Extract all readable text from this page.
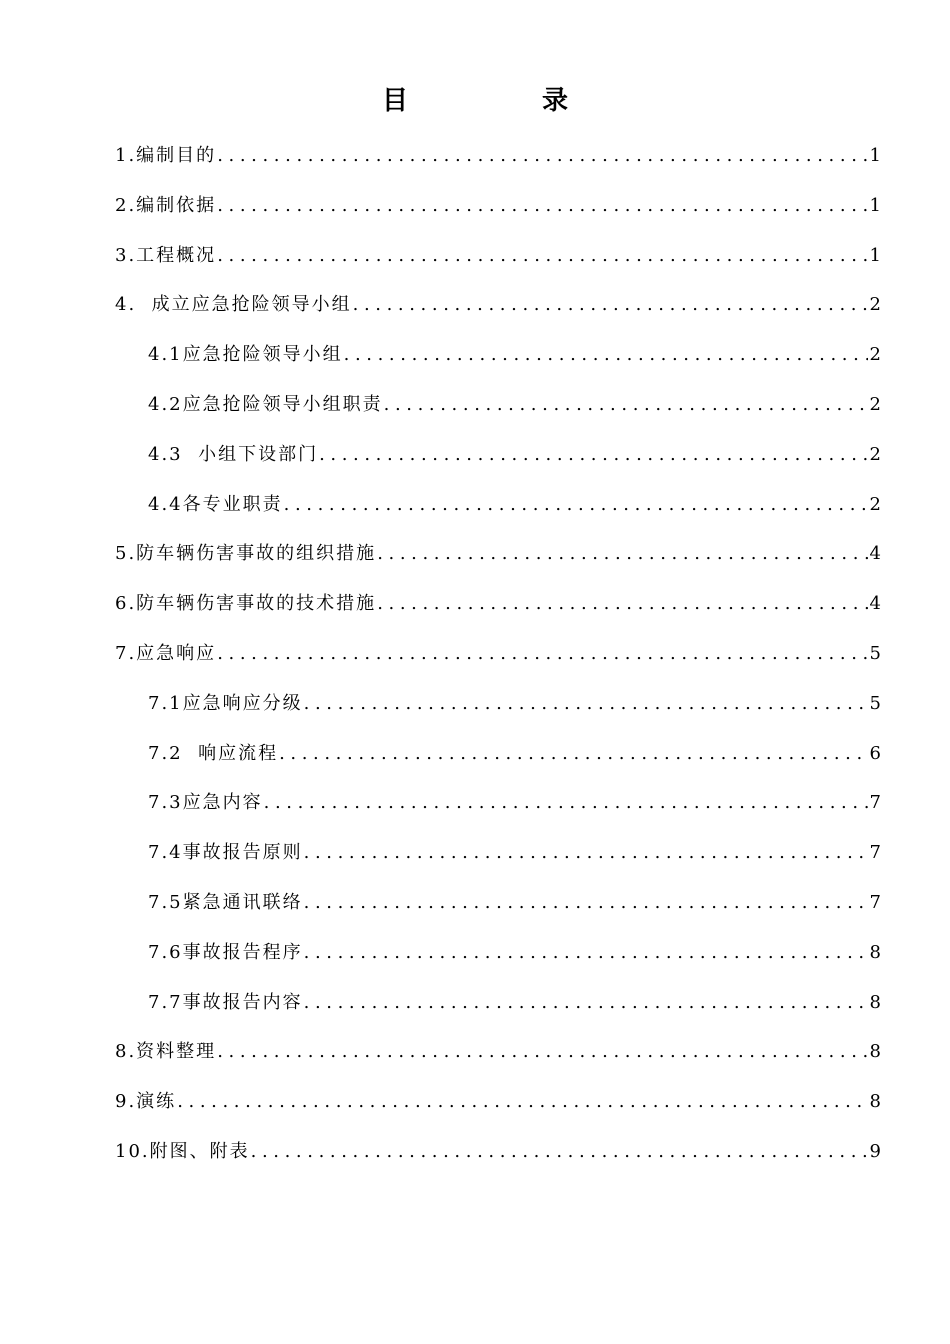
目　录
1.编制目的 .....	1
2.编制依据 .....	1
3.工程概况 .....	1
4.  成立应急抢险领导小组 .....	2
4.1应急抢险领导小组 .....	2
4.2应急抢险领导小组职责 .....	2
4.3  小组下设部门 .....	2
4.4各专业职责 .....	2
5.防车辆伤害事故的组织措施 .....	4
6.防车辆伤害事故的技术措施 .....	4
7.应急响应 .....	5
7.1应急响应分级 .....	5
7.2  响应流程 .....	6
7.3应急内容 .....	7
7.4事故报告原则 .....	7
7.5紧急通讯联络 .....	7
7.6事故报告程序 .....	8
7.7事故报告内容 .....	8
8.资料整理 .....	8
9.演练 .....	8
10.附图、附表 .....	9
